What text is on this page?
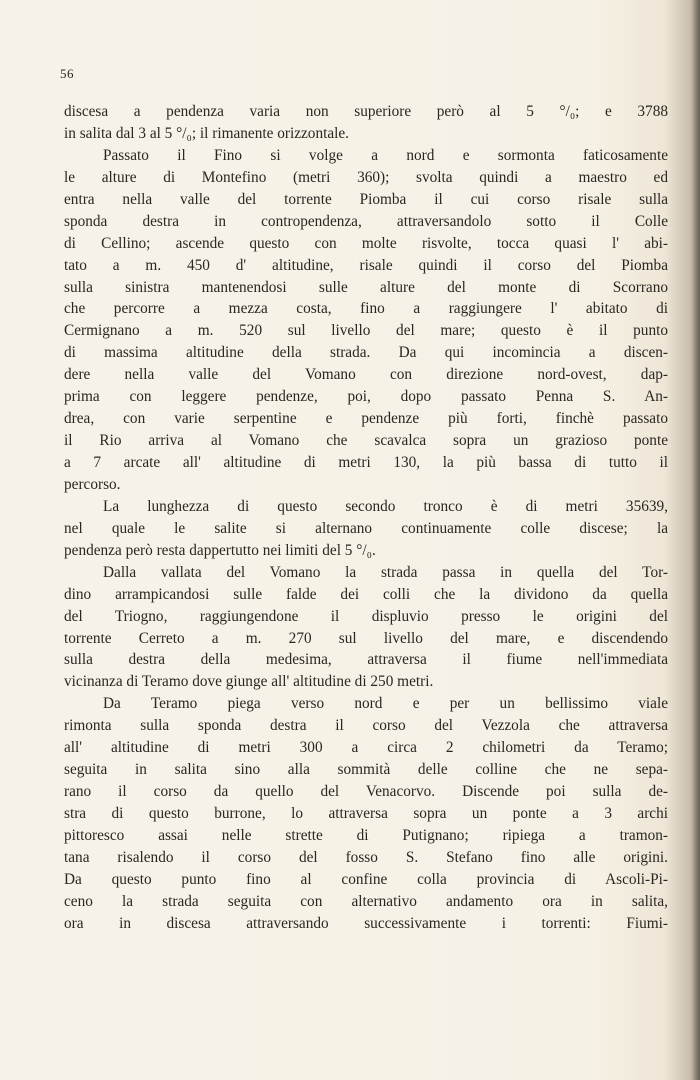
56
discesa a pendenza varia non superiore però al 5 °/₀; e 3788
in salita dal 3 al 5 °/₀; il rimanente orizzontale.
Passato il Fino si volge a nord e sormonta faticosamente
le alture di Montefino (metri 360); svolta quindi a maestro ed
entra nella valle del torrente Piomba il cui corso risale sulla
sponda destra in contropendenza, attraversandolo sotto il Colle
di Cellino; ascende questo con molte risvolte, tocca quasi l' abi-
tato a m. 450 d' altitudine, risale quindi il corso del Piomba
sulla sinistra mantenendosi sulle alture del monte di Scorrano
che percorre a mezza costa, fino a raggiungere l' abitato di
Cermignano a m. 520 sul livello del mare; questo è il punto
di massima altitudine della strada. Da qui incomincia a discen-
dere nella valle del Vomano con direzione nord-ovest, dap-
prima con leggere pendenze, poi, dopo passato Penna S. An-
drea, con varie serpentine e pendenze più forti, finchè passato
il Rio arriva al Vomano che scavalca sopra un grazioso ponte
a 7 arcate all' altitudine di metri 130, la più bassa di tutto il
percorso.
La lunghezza di questo secondo tronco è di metri 35639,
nel quale le salite si alternano continuamente colle discese; la
pendenza però resta dappertutto nei limiti del 5 °/₀.
Dalla vallata del Vomano la strada passa in quella del Tor-
dino arrampicandosi sulle falde dei colli che la dividono da quella
del Triogno, raggiungendone il displuvio presso le origini del
torrente Cerreto a m. 270 sul livello del mare, e discendendo
sulla destra della medesima, attraversa il fiume nell'immediata
vicinanza di Teramo dove giunge all' altitudine di 250 metri.
Da Teramo piega verso nord e per un bellissimo viale
rimonta sulla sponda destra il corso del Vezzola che attraversa
all' altitudine di metri 300 a circa 2 chilometri da Teramo;
seguita in salita sino alla sommità delle colline che ne sepa-
rano il corso da quello del Venacorvo. Discende poi sulla de-
stra di questo burrone, lo attraversa sopra un ponte a 3 archi
pittoresco assai nelle strette di Putignano; ripiega a tramon-
tana risalendo il corso del fosso S. Stefano fino alle origini.
Da questo punto fino al confine colla provincia di Ascoli-Pi-
ceno la strada seguita con alternativo andamento ora in salita,
ora in discesa attraversando successivamente i torrenti: Fiumi-
